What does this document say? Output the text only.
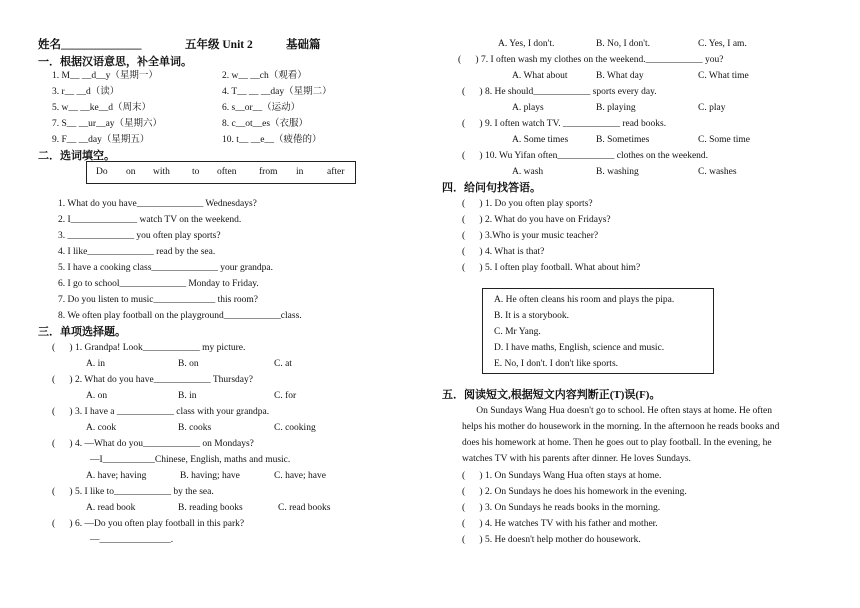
姓名______________	五年级 Unit 2	基础篇
一．根据汉语意思，补全单词。
1. M__ __d__y（星期一）	2. w__ __ch（观看）
3. r__ __d（读）	4. T__ __ __day（星期二）
5. w__ __ke__d（周末）	6. s__or__（运动）
7. S__ __ur__ay（星期六）	8. c__ot__es（衣服）
9. F__ __day（星期五）	10. t__ __e__（疲倦的）
二．选词填空。
Do on with to often from in after
1. What do you have______________ Wednesdays?
2. I______________ watch TV on the weekend.
3. ______________ you often play sports?
4. I like______________ read by the sea.
5. I have a cooking class______________ your grandpa.
6. I go to school______________ Monday to Friday.
7. Do you listen to music_____________ this room?
8. We often play football on the playground____________class.
三．单项选择题。
(      ) 1. Grandpa! Look____________ my picture.
A. in	B. on	C. at
(      ) 2. What do you have____________ Thursday?
A. on	B. in	C. for
(      ) 3. I have a ____________ class with your grandpa.
A. cook	B. cooks	C. cooking
(      ) 4. —What do you____________ on Mondays?
—I___________Chinese, English, maths and music.
A. have; having	B. having; have	C. have; have
(      ) 5. I like to____________ by the sea.
A. read book	B. reading books	C. read books
(      ) 6. —Do you often play football in this park?
—_______________.
A. Yes, I don't.	B. No, I don't.	C. Yes, I am.
(      ) 7. I often wash my clothes on the weekend.____________ you?
A. What about	B. What day	C. What time
(      ) 8. He should____________ sports every day.
A. plays	B. playing	C. play
(      ) 9. I often watch TV. ____________ read books.
A. Some times	B. Sometimes	C. Some time
(      ) 10. Wu Yifan often____________ clothes on the weekend.
A. wash	B. washing	C. washes
四．给问句找答语。
(      ) 1. Do you often play sports?
(      ) 2. What do you have on Fridays?
(      ) 3.Who is your music teacher?
(      ) 4. What is that?
(      ) 5. I often play football. What about him?
A. He often cleans his room and plays the pipa.
B. It is a storybook.
C. Mr Yang.
D. I have maths, English, science and music.
E. No, I don't. I don't like sports.
五．阅读短文,根据短文内容判断正(T)误(F)。
On Sundays Wang Hua doesn't go to school. He often stays at home. He often
helps his mother do housework in the morning. In the afternoon he reads books and
does his homework at home. Then he goes out to play football. In the evening, he
watches TV with his parents after dinner. He loves Sundays.
(      ) 1. On Sundays Wang Hua often stays at home.
(      ) 2. On Sundays he does his homework in the evening.
(      ) 3. On Sundays he reads books in the morning.
(      ) 4. He watches TV with his father and mother.
(      ) 5. He doesn't help mother do housework.
